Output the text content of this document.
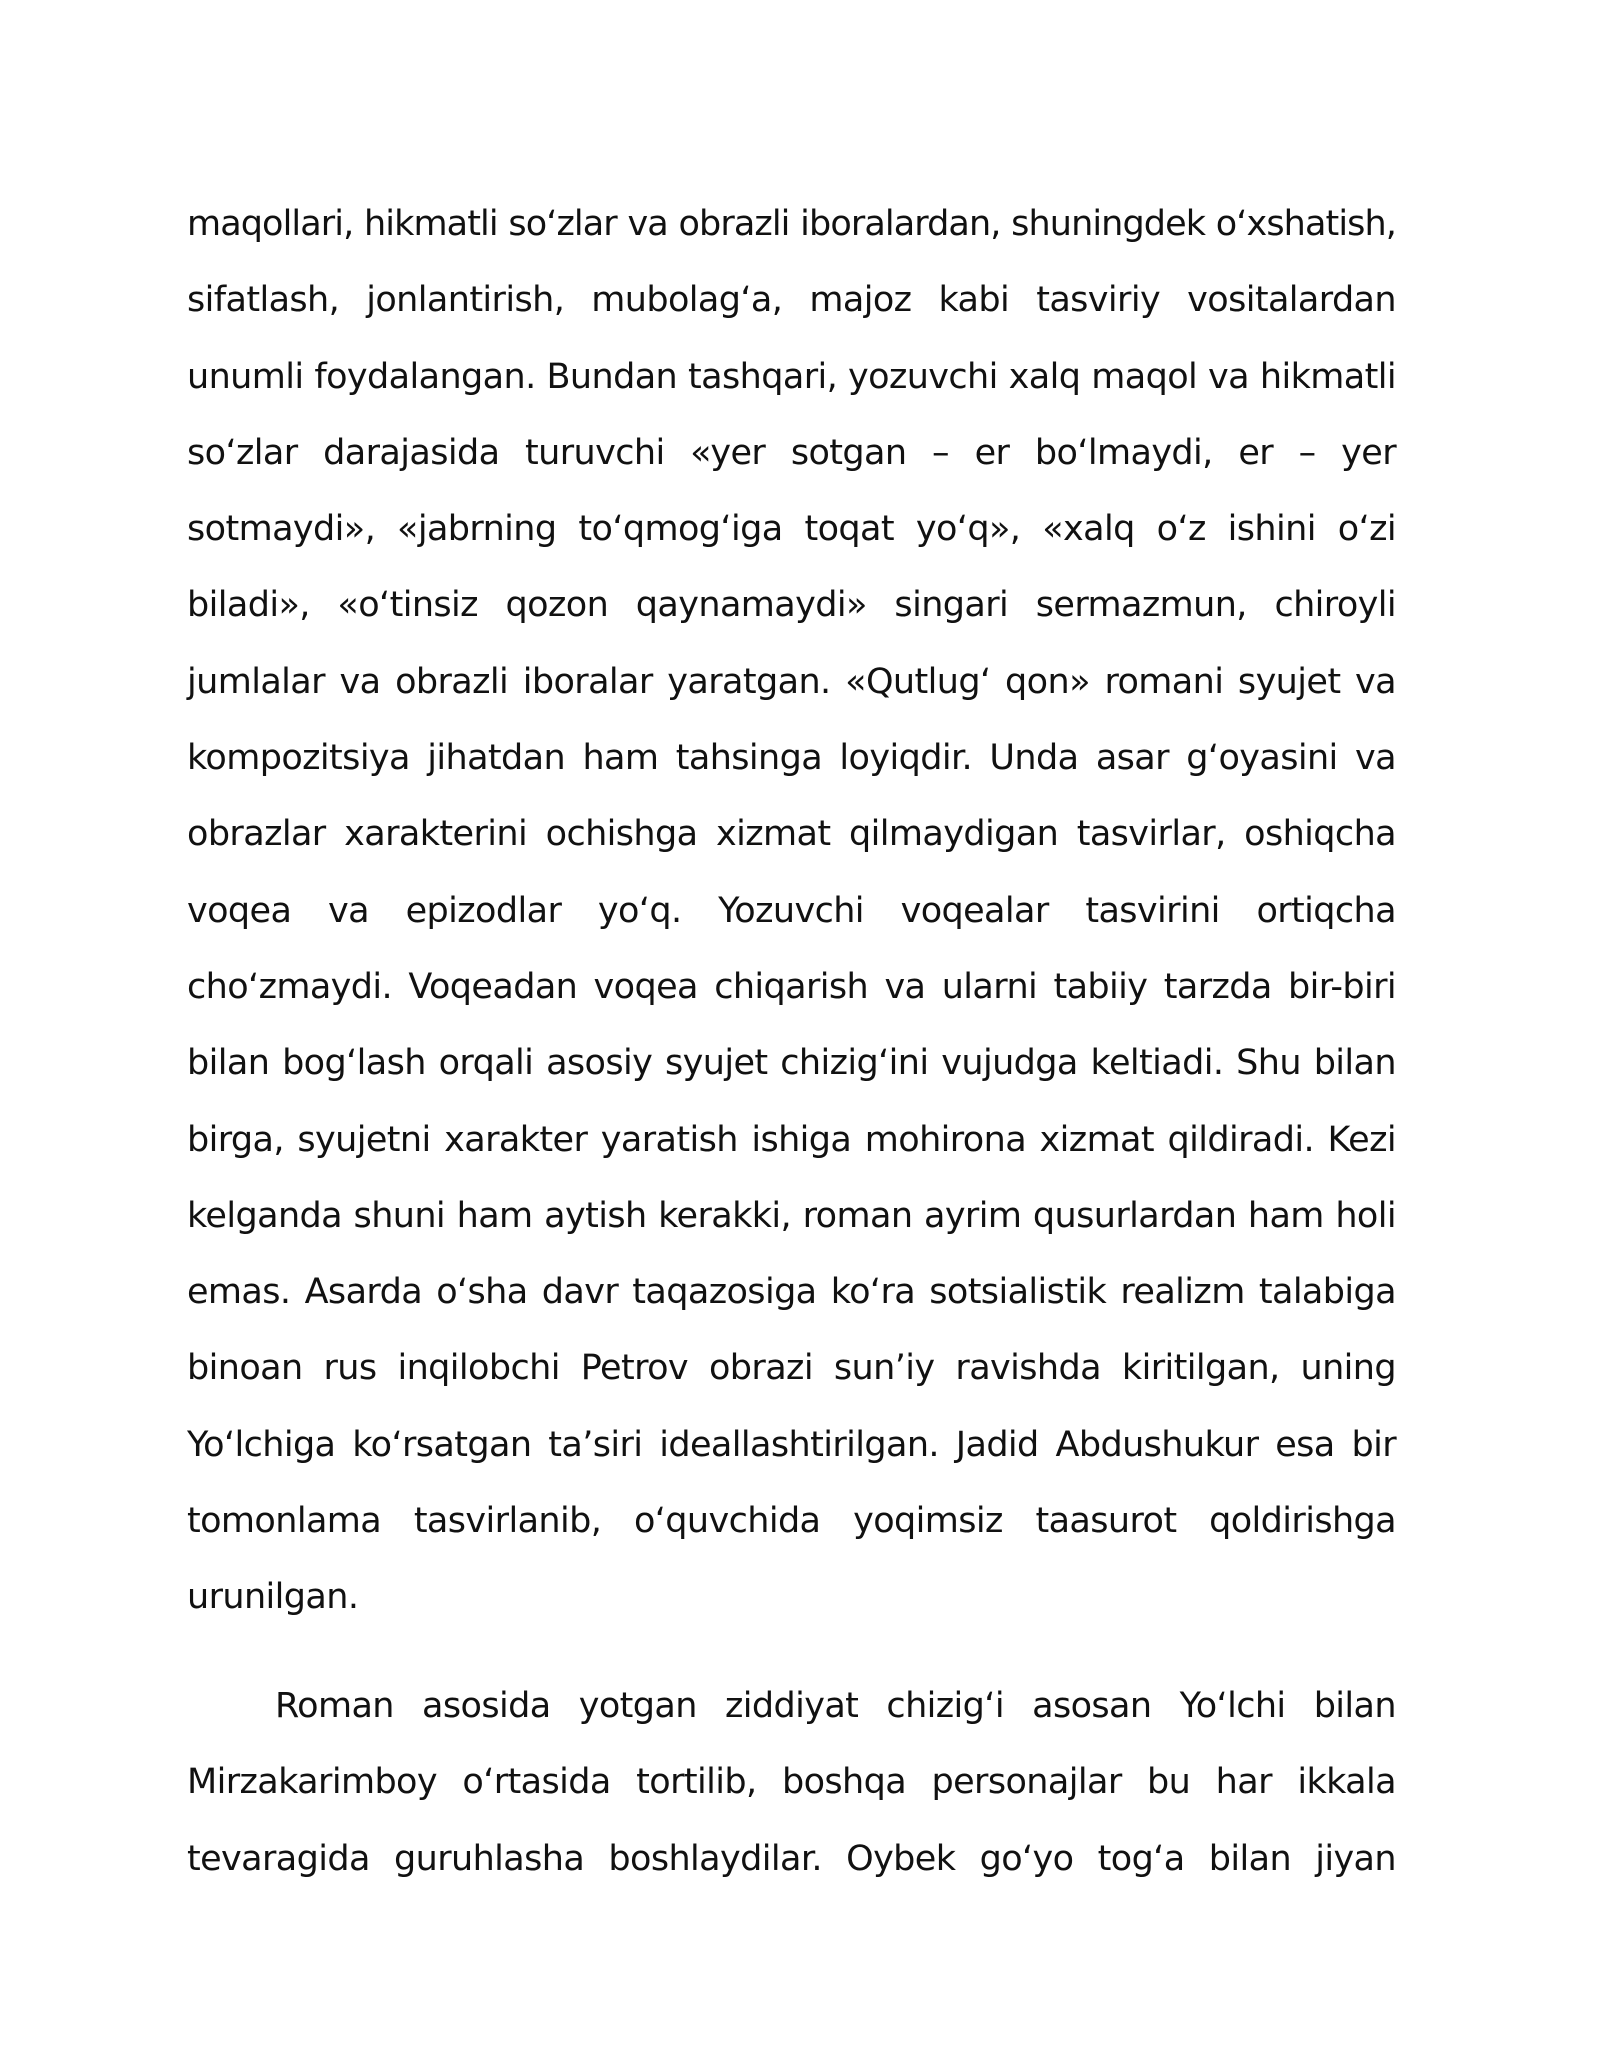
maqollari, hikmatli soʻzlar va obrazli iboralardan, shuningdek oʻxshatish,
sifatlash, jonlantirish, mubolagʻa, majoz kabi tasviriy vositalardan
unumli foydalangan. Bundan tashqari, yozuvchi xalq maqol va hikmatli
soʻzlar darajasida turuvchi «yer sotgan – er boʻlmaydi, er – yer
sotmaydi», «jabrning toʻqmogʻiga toqat yoʻq», «xalq oʻz ishini oʻzi
biladi», «oʻtinsiz qozon qaynamaydi» singari sermazmun, chiroyli
jumlalar va obrazli iboralar yaratgan. «Qutlugʻ qon» romani syujet va
kompozitsiya jihatdan ham tahsinga loyiqdir. Unda asar gʻoyasini va
obrazlar xarakterini ochishga xizmat qilmaydigan tasvirlar, oshiqcha
voqea va epizodlar yoʻq. Yozuvchi voqealar tasvirini ortiqcha
choʻzmaydi. Voqeadan voqea chiqarish va ularni tabiiy tarzda bir-biri
bilan bogʻlash orqali asosiy syujet chizigʻini vujudga keltiadi. Shu bilan
birga, syujetni xarakter yaratish ishiga mohirona xizmat qildiradi. Kezi
kelganda shuni ham aytish kerakki, roman ayrim qusurlardan ham holi
emas. Asarda oʻsha davr taqazosiga koʻra sotsialistik realizm talabiga
binoan rus inqilobchi Petrov obrazi sun’iy ravishda kiritilgan, uning
Yoʻlchiga koʻrsatgan ta’siri ideallashtirilgan. Jadid Abdushukur esa bir
tomonlama tasvirlanib, oʻquvchida yoqimsiz taasurot qoldirishga
urunilgan.
Roman asosida yotgan ziddiyat chizigʻi asosan Yoʻlchi bilan
Mirzakarimboy oʻrtasida tortilib, boshqa personajlar bu har ikkala
tevaragida guruhlasha boshlaydilar. Oybek goʻyo togʻa bilan jiyan
